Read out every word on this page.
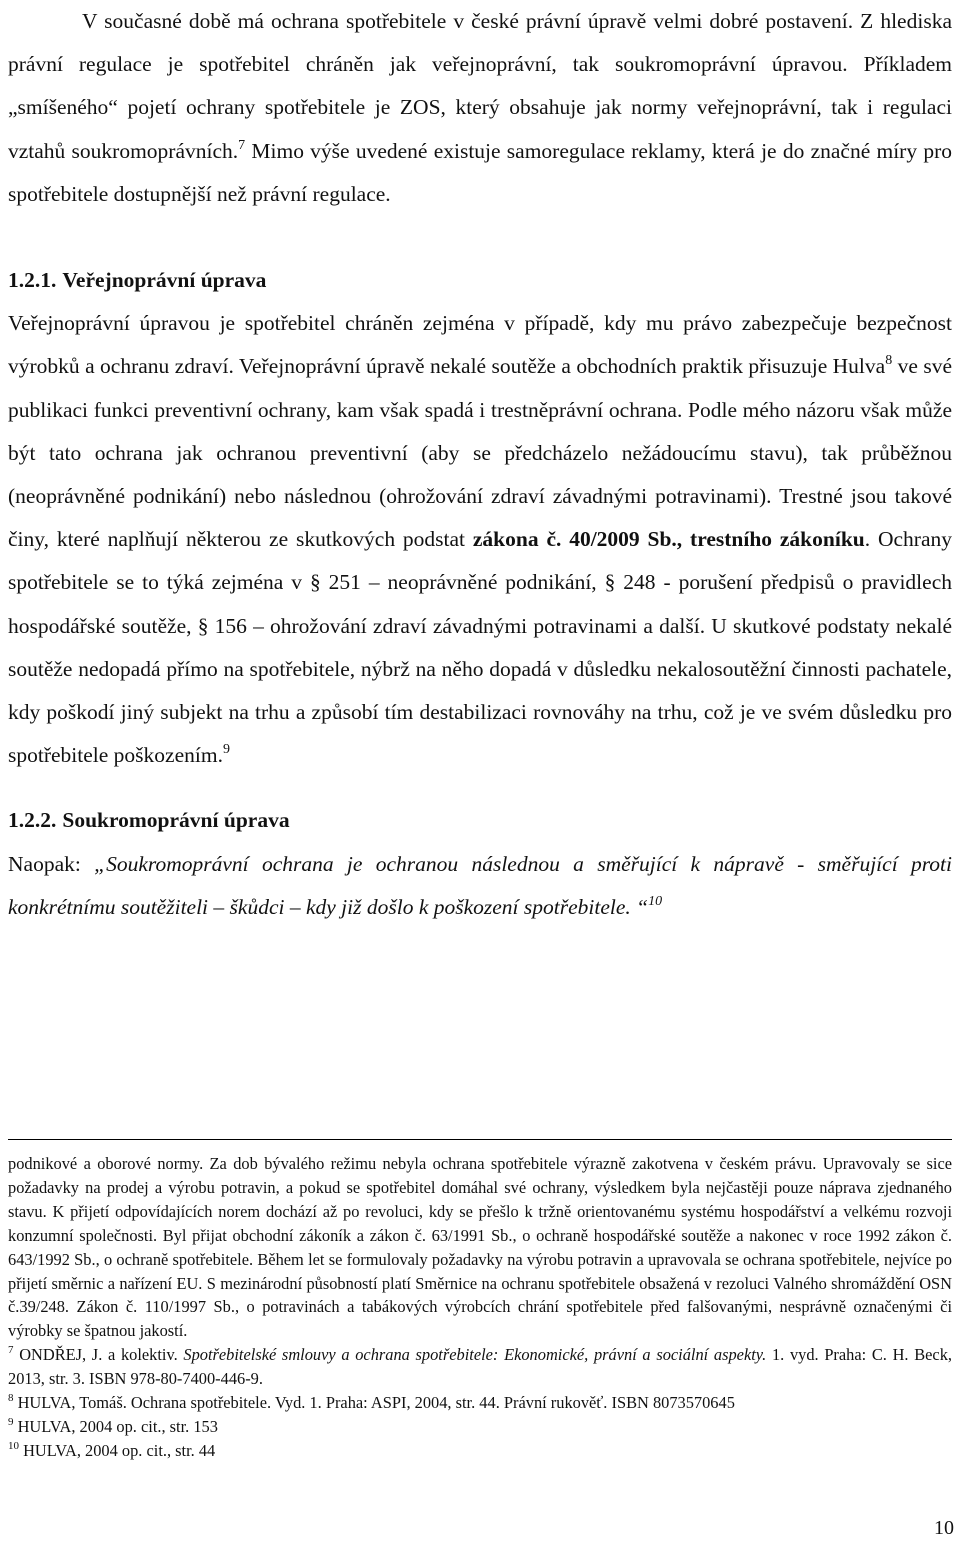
V současné době má ochrana spotřebitele v české právní úpravě velmi dobré postavení. Z hlediska právní regulace je spotřebitel chráněn jak veřejnoprávní, tak soukromoprávní úpravou. Příkladem „smíšeného“ pojetí ochrany spotřebitele je ZOS, který obsahuje jak normy veřejnoprávní, tak i regulaci vztahů soukromoprávních.$^7$ Mimo výše uvedené existuje samoregulace reklamy, která je do značné míry pro spotřebitele dostupnější než právní regulace.

1.2.1. Veřejnoprávní úprava

Veřejnoprávní úpravou je spotřebitel chráněn zejména v případě, kdy mu právo zabezpečuje bezpečnost výrobků a ochranu zdraví. Veřejnoprávní úpravě nekalé soutěže a obchodních praktik přisuzuje Hulva$^8$ ve své publikaci funkci preventivní ochrany, kam však spadá i trestněprávní ochrana. Podle mého názoru však může být tato ochrana jak ochranou preventivní (aby se předcházelo nežádoucímu stavu), tak průběžnou (neoprávněné podnikání) nebo následnou (ohrožování zdraví závadnými potravinami). Trestné jsou takové činy, které naplňují některou ze skutkových podstat zákona č. 40/2009 Sb., trestního zákoníku. Ochrany spotřebitele se to týká zejména v § 251 – neoprávněné podnikání, § 248 - porušení předpisů o pravidlech hospodářské soutěže, § 156 – ohrožování zdraví závadnými potravinami a další. U skutkové podstaty nekalé soutěže nedopadá přímo na spotřebitele, nýbrž na něho dopadá v důsledku nekalosoutěžní činnosti pachatele, kdy poškodí jiný subjekt na trhu a způsobí tím destabilizaci rovnováhy na trhu, což je ve svém důsledku pro spotřebitele poškozením.$^9$

1.2.2. Soukromoprávní úprava

Naopak: „Soukromoprávní ochrana je ochranou následnou a směřující k nápravě - směřující proti konkrétnímu soutěžiteli – škůdci – kdy již došlo k poškození spotřebitele. “$^{10}$

podnikové a oborové normy. Za dob bývalého režimu nebyla ochrana spotřebitele výrazně zakotvena v českém právu. Upravovaly se sice požadavky na prodej a výrobu potravin, a pokud se spotřebitel domáhal své ochrany, výsledkem byla nejčastěji pouze náprava zjednaného stavu. K přijetí odpovídajících norem dochází až po revoluci, kdy se přešlo k tržně orientovanému systému hospodářství a velkému rozvoji konzumní společnosti. Byl přijat obchodní zákoník a zákon č. 63/1991 Sb., o ochraně hospodářské soutěže a nakonec v roce 1992 zákon č. 643/1992 Sb., o ochraně spotřebitele. Během let se formulovaly požadavky na výrobu potravin a upravovala se ochrana spotřebitele, nejvíce po přijetí směrnic a nařízení EU. S mezinárodní působností platí Směrnice na ochranu spotřebitele obsažená v rezoluci Valného shromáždění OSN č.39/248. Zákon č. 110/1997 Sb., o potravinách a tabákových výrobcích chrání spotřebitele před falšovanými, nesprávně označenými či výrobky se špatnou jakostí.

$^7$ ONDŘEJ, J. a kolektiv. Spotřebitelské smlouvy a ochrana spotřebitele: Ekonomické, právní a sociální aspekty. 1. vyd. Praha: C. H. Beck, 2013, str. 3. ISBN 978-80-7400-446-9.

$^8$ HULVA, Tomáš. Ochrana spotřebitele. Vyd. 1. Praha: ASPI, 2004, str. 44. Právní rukověť. ISBN 8073570645

$^9$ HULVA, 2004 op. cit., str. 153

$^{10}$ HULVA, 2004 op. cit., str. 44

10
